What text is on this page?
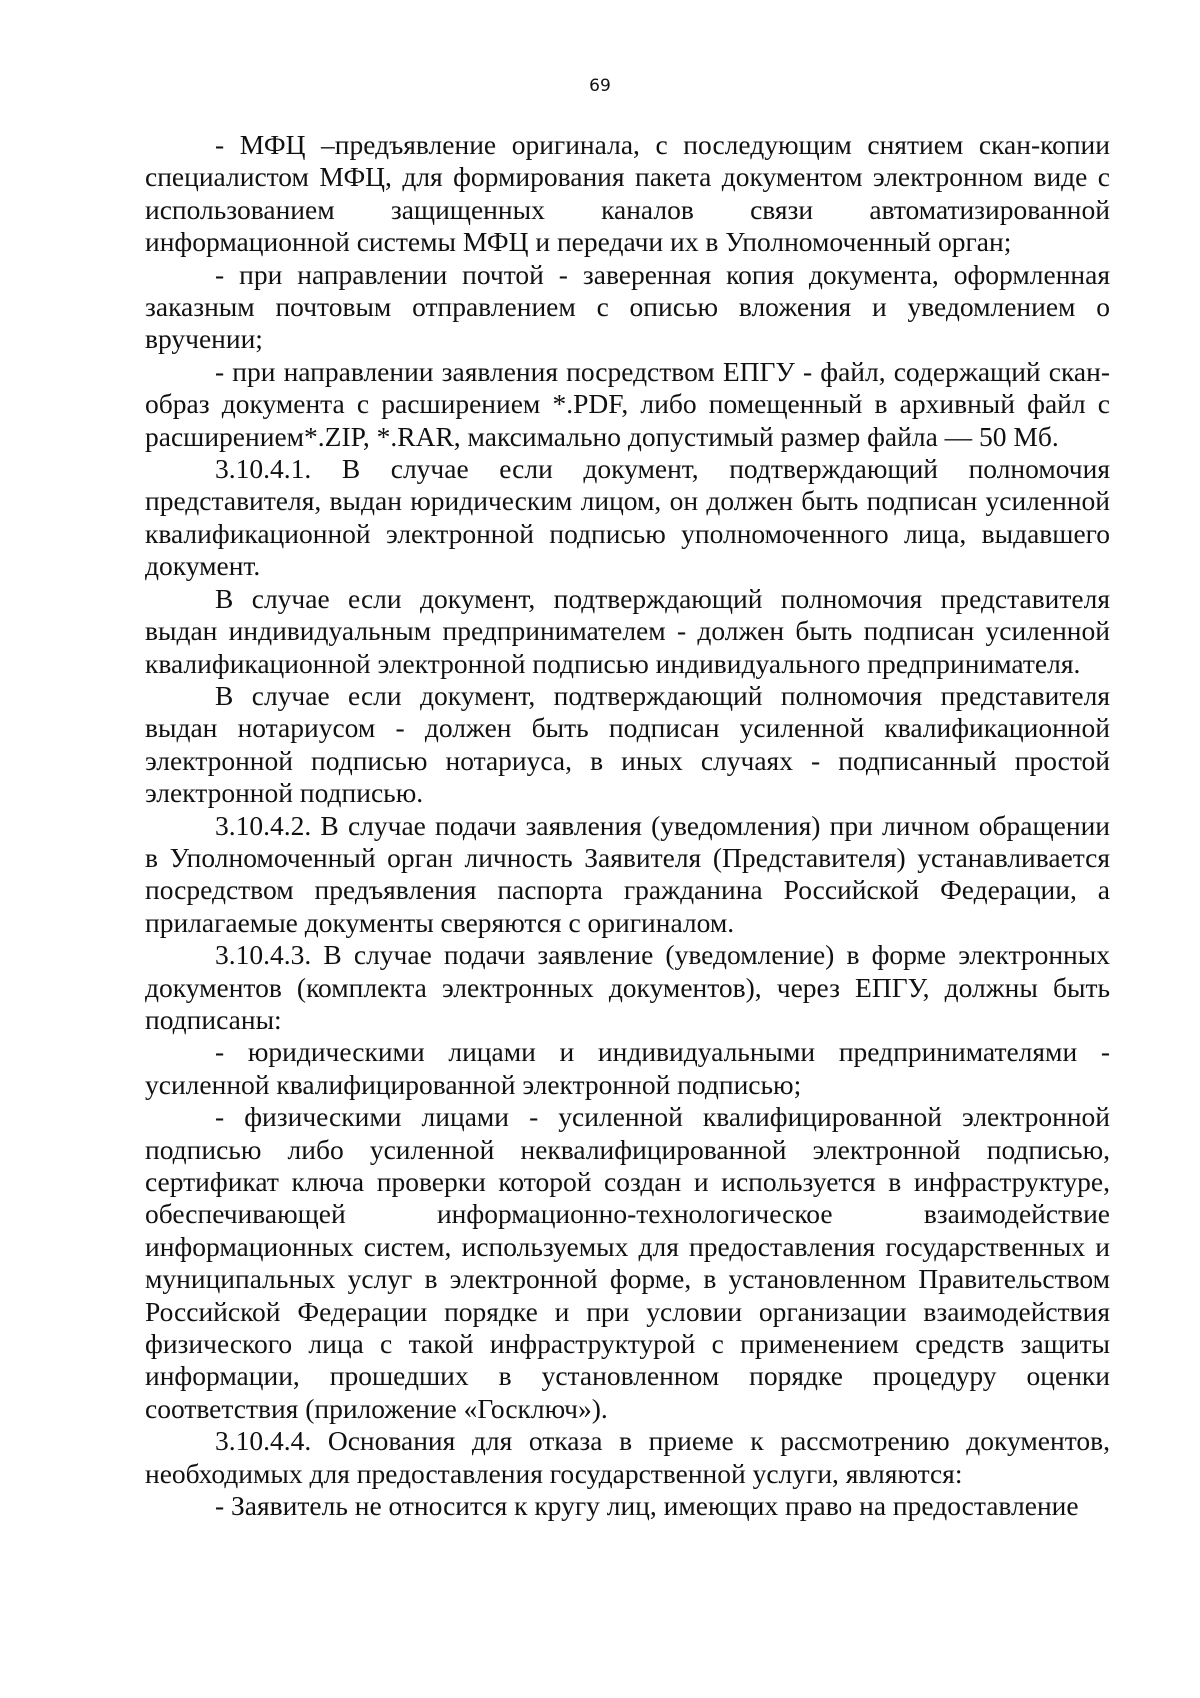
69

- МФЦ –предъявление оригинала, с последующим снятием скан-копии специалистом МФЦ, для формирования пакета документом электронном виде с использованием защищенных каналов связи автоматизированной информационной системы МФЦ и передачи их в Уполномоченный орган;

- при направлении почтой - заверенная копия документа, оформленная заказным почтовым отправлением с описью вложения и уведомлением о вручении;

- при направлении заявления посредством ЕПГУ - файл, содержащий скан-образ документа с расширением *.PDF, либо помещенный в архивный файл с расширением*.ZIP, *.RAR, максимально допустимый размер файла — 50 Мб.

3.10.4.1. В случае если документ, подтверждающий полномочия представителя, выдан юридическим лицом, он должен быть подписан усиленной квалификационной электронной подписью уполномоченного лица, выдавшего документ.

В случае если документ, подтверждающий полномочия представителя выдан индивидуальным предпринимателем - должен быть подписан усиленной квалификационной электронной подписью индивидуального предпринимателя.

В случае если документ, подтверждающий полномочия представителя выдан нотариусом - должен быть подписан усиленной квалификационной электронной подписью нотариуса, в иных случаях - подписанный простой электронной подписью.

3.10.4.2. В случае подачи заявления (уведомления) при личном обращении в Уполномоченный орган личность Заявителя (Представителя) устанавливается посредством предъявления паспорта гражданина Российской Федерации, а прилагаемые документы сверяются с оригиналом.

3.10.4.3. В случае подачи заявление (уведомление) в форме электронных документов (комплекта электронных документов), через ЕПГУ, должны быть подписаны:

- юридическими лицами и индивидуальными предпринимателями - усиленной квалифицированной электронной подписью;

- физическими лицами - усиленной квалифицированной электронной подписью либо усиленной неквалифицированной электронной подписью, сертификат ключа проверки которой создан и используется в инфраструктуре, обеспечивающей информационно-технологическое взаимодействие информационных систем, используемых для предоставления государственных и муниципальных услуг в электронной форме, в установленном Правительством Российской Федерации порядке и при условии организации взаимодействия физического лица с такой инфраструктурой с применением средств защиты информации, прошедших в установленном порядке процедуру оценки соответствия (приложение «Госключ»).

3.10.4.4. Основания для отказа в приеме к рассмотрению документов, необходимых для предоставления государственной услуги, являются:

- Заявитель не относится к кругу лиц, имеющих право на предоставление
